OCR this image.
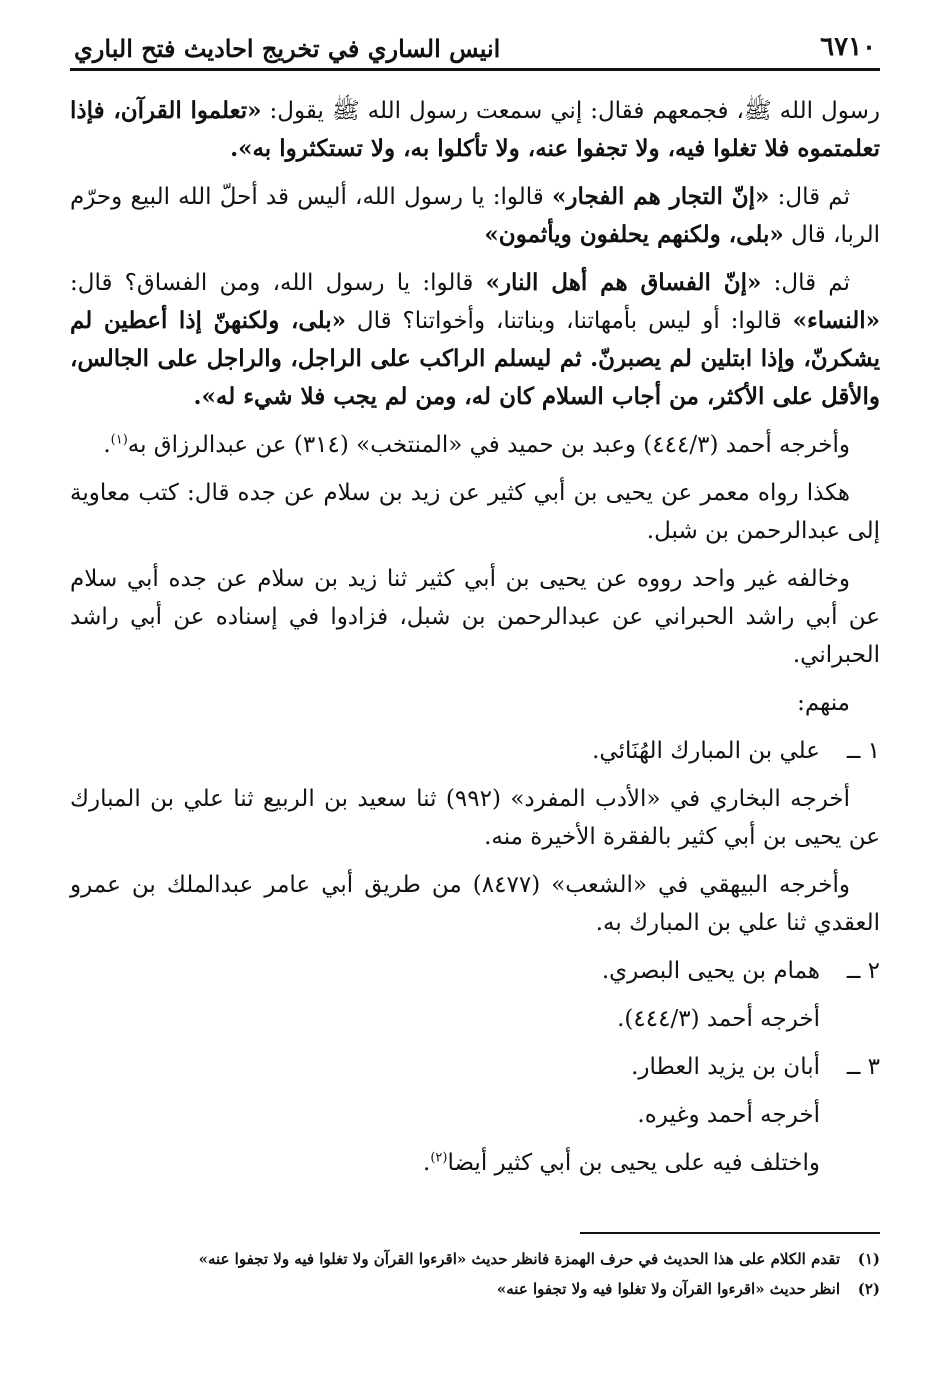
٦٧١٠
انيس الساري في تخريج احاديث فتح الباري

رسول الله ﷺ، فجمعهم فقال: إني سمعت رسول الله ﷺ يقول: «تعلموا القرآن، فإذا تعلمتموه فلا تغلوا فيه، ولا تجفوا عنه، ولا تأكلوا به، ولا تستكثروا به».

ثم قال: «إنّ التجار هم الفجار» قالوا: يا رسول الله، أليس قد أحلّ الله البيع وحرّم الربا، قال «بلى، ولكنهم يحلفون ويأثمون»

ثم قال: «إنّ الفساق هم أهل النار» قالوا: يا رسول الله، ومن الفساق؟ قال: «النساء» قالوا: أو ليس بأمهاتنا، وبناتنا، وأخواتنا؟ قال «بلى، ولكنهنّ إذا أعطين لم يشكرنّ، وإذا ابتلين لم يصبرنّ. ثم ليسلم الراكب على الراجل، والراجل على الجالس، والأقل على الأكثر، من أجاب السلام كان له، ومن لم يجب فلا شيء له».

وأخرجه أحمد (٤٤٤/٣) وعبد بن حميد في «المنتخب» (٣١٤) عن عبدالرزاق به$^{(١)}$.

هكذا رواه معمر عن يحيى بن أبي كثير عن زيد بن سلام عن جده قال: كتب معاوية إلى عبدالرحمن بن شبل.

وخالفه غير واحد رووه عن يحيى بن أبي كثير ثنا زيد بن سلام عن جده أبي سلام عن أبي راشد الحبراني عن عبدالرحمن بن شبل، فزادوا في إسناده عن أبي راشد الحبراني.

منهم:

١ ــعلي بن المبارك الهُنَائي.

أخرجه البخاري في «الأدب المفرد» (٩٩٢) ثنا سعيد بن الربيع ثنا علي بن المبارك عن يحيى بن أبي كثير بالفقرة الأخيرة منه.

وأخرجه البيهقي في «الشعب» (٨٤٧٧) من طريق أبي عامر عبدالملك بن عمرو العقدي ثنا علي بن المبارك به.

٢ ــهمام بن يحيى البصري.
أخرجه أحمد (٤٤٤/٣).
٣ ــأبان بن يزيد العطار.
أخرجه أحمد وغيره.
واختلف فيه على يحيى بن أبي كثير أيضا$^{(٢)}$.

(١)تقدم الكلام على هذا الحديث في حرف الهمزة فانظر حديث «اقرءوا القرآن ولا تغلوا فيه ولا تجفوا عنه»

(٢)انظر حديث «اقرءوا القرآن ولا تغلوا فيه ولا تجفوا عنه»
